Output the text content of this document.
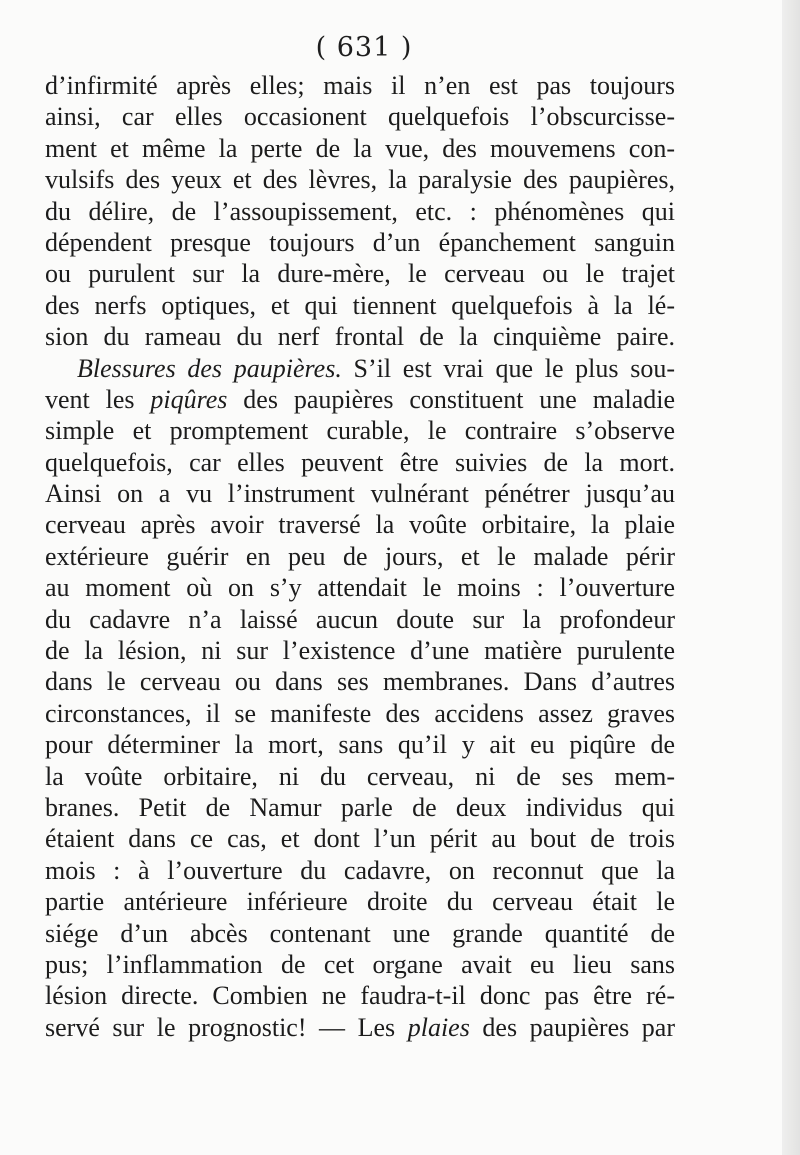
( 631 )
d’infirmité après elles; mais il n’en est pas toujours
ainsi, car elles occasionent quelquefois l’obscurcisse-
ment et même la perte de la vue, des mouvemens con-
vulsifs des yeux et des lèvres, la paralysie des paupières,
du délire, de l’assoupissement, etc. : phénomènes qui
dépendent presque toujours d’un épanchement sanguin
ou purulent sur la dure-mère, le cerveau ou le trajet
des nerfs optiques, et qui tiennent quelquefois à la lé-
sion du rameau du nerf frontal de la cinquième paire.
Blessures des paupières. S’il est vrai que le plus sou-
vent les piqûres des paupières constituent une maladie
simple et promptement curable, le contraire s’observe
quelquefois, car elles peuvent être suivies de la mort.
Ainsi on a vu l’instrument vulnérant pénétrer jusqu’au
cerveau après avoir traversé la voûte orbitaire, la plaie
extérieure guérir en peu de jours, et le malade périr
au moment où on s’y attendait le moins : l’ouverture
du cadavre n’a laissé aucun doute sur la profondeur
de la lésion, ni sur l’existence d’une matière purulente
dans le cerveau ou dans ses membranes. Dans d’autres
circonstances, il se manifeste des accidens assez graves
pour déterminer la mort, sans qu’il y ait eu piqûre de
la voûte orbitaire, ni du cerveau, ni de ses mem-
branes. Petit de Namur parle de deux individus qui
étaient dans ce cas, et dont l’un périt au bout de trois
mois : à l’ouverture du cadavre, on reconnut que la
partie antérieure inférieure droite du cerveau était le
siége d’un abcès contenant une grande quantité de
pus; l’inflammation de cet organe avait eu lieu sans
lésion directe. Combien ne faudra-t-il donc pas être ré-
servé sur le prognostic! — Les plaies des paupières par
